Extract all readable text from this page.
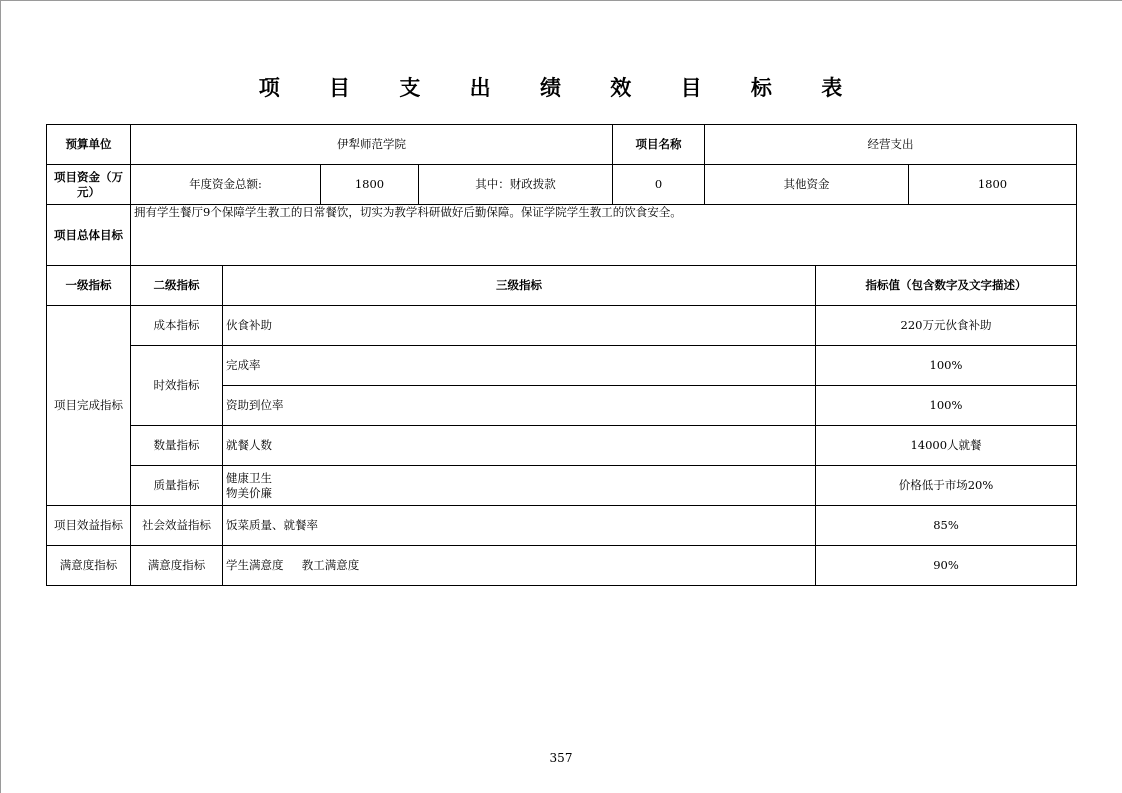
项 目 支 出 绩 效 目 标 表
预算单位	伊犁师范学院				项目名称	经营支出		
项目资金（万元）	年度资金总额:		1800	其中：财政拨款	0	其他资金		1800
项目总体目标	拥有学生餐厅9个保障学生教工的日常餐饮，切实为教学科研做好后勤保障。保证学院学生教工的饮食安全。							
一级指标	二级指标	三级指标					指标值（包含数字及文字描述）	
项目完成指标	成本指标	伙食补助					220万元伙食补助	
	时效指标	完成率					100%	
		资助到位率					100%	
	数量指标	就餐人数					14000人就餐	
	质量指标	健康卫生
物美价廉					价格低于市场20%	
项目效益指标	社会效益指标	饭菜质量、就餐率					85%	
满意度指标	满意度指标	学生满意度     教工满意度					90%	
357
